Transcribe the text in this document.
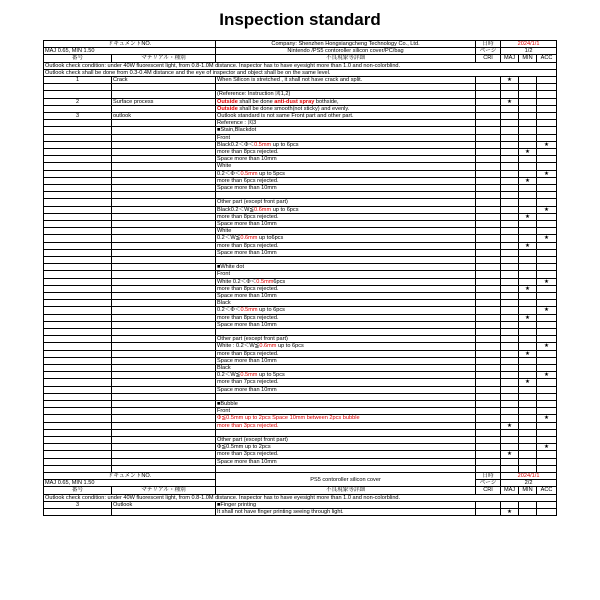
Inspection standard
ドキュメントNO.		Company: Shenzhen Hongxiangcheng Technology Co., Ltd.	日時	2024/1/1		
MAJ 0.65, MIN 1.50		Nintendo /PS5 contoroller silicon cover/PC/bag	ページ	1/2		
番号	マテリアル・種別	不良現象等詳細	CRI	MAJ	MIN	ACC
Outlook check condition: under 40W fluorescent light, from 0.8-1.0M distance. Inspector has to have eyesight more than 1.0 and non-colorblind.						
Outlook check shall be done from 0.3-0.4M distance and the eye of inspector and object shall be on the same level.						
1	Crack	When Silicon is stretched , it shall not have crack and split.		★		

		(Reference: Instruction 図1,2)				
2	Surface process	Outside shall be done anti-dust spray bothside,		★		
		Outside shall be done smooth(not sticky) and evenly.				
3	outlook	Outlook standard is not same Front part and other part.				
		Reference : 図3				
		■Stain,Blackdot				
		Front				
		Black0.2＜Φ＜0.5mm up to 6pcs				★
		more than 8pcs rejected.			★	
		Space more than 10mm				
		White				
		0.2＜Φ＜0.5mm up to 5pcs				★
		more than 6pcs rejected.			★	
		Space more than 10mm				

		Other part (except front part)				
		Black0.2＜W≦0.6mm up to 6pcs				★
		more than 8pcs rejected.			★	
		Space more than 10mm				
		White				
		0.2＜W≦0.6mm up to6pcs				★
		more than 8pcs rejected.			★	
		Space more than 10mm				

		■White dot				
		Front				
		White 0.2＜Φ＜0.5mm6pcs				★
		more than 8pcs rejected.			★	
		Space more than 10mm				
		Black				
		0.2＜Φ＜0.5mm up to 6pcs				★
		more than 8pcs rejected.			★	
		Space more than 10mm				

		Other part (except front part)				
		White : 0.2＜W≦0.6mm up to 6pcs				★
		more than 8pcs rejected.			★	
		Space more than 10mm				
		Black				
		0.2＜W≦0.5mm up to 5pcs				★
		more than 7pcs rejected.			★	
		Space more than 10mm				

		■Bubble				
		Front				
		Φ≦0.5mm up to 2pcs Space 10mm between 2pcs bubble				★
		more than 3pcs rejected.		★		

		Other part (except front part)				
		Φ≦0.5mm up to 2pcs				★
		more than 3pcs rejected.		★		
		Space more than 10mm				

ドキュメントNO.		PS5 contoroller silicon cover	日時	2024/1/1		
MAJ 0.65, MIN 1.50			ページ	2/2		
番号	マテリアル・種別	不良現象等詳細	CRI	MAJ	MIN	ACC
Outlook check condition: under 40W fluorescent light, from 0.8-1.0M distance. Inspector has to have eyesight more than 1.0 and non-colorblind.						
3	Outlook	■Finger printing				
		It shall not have finger printing seeing through light.		★		
